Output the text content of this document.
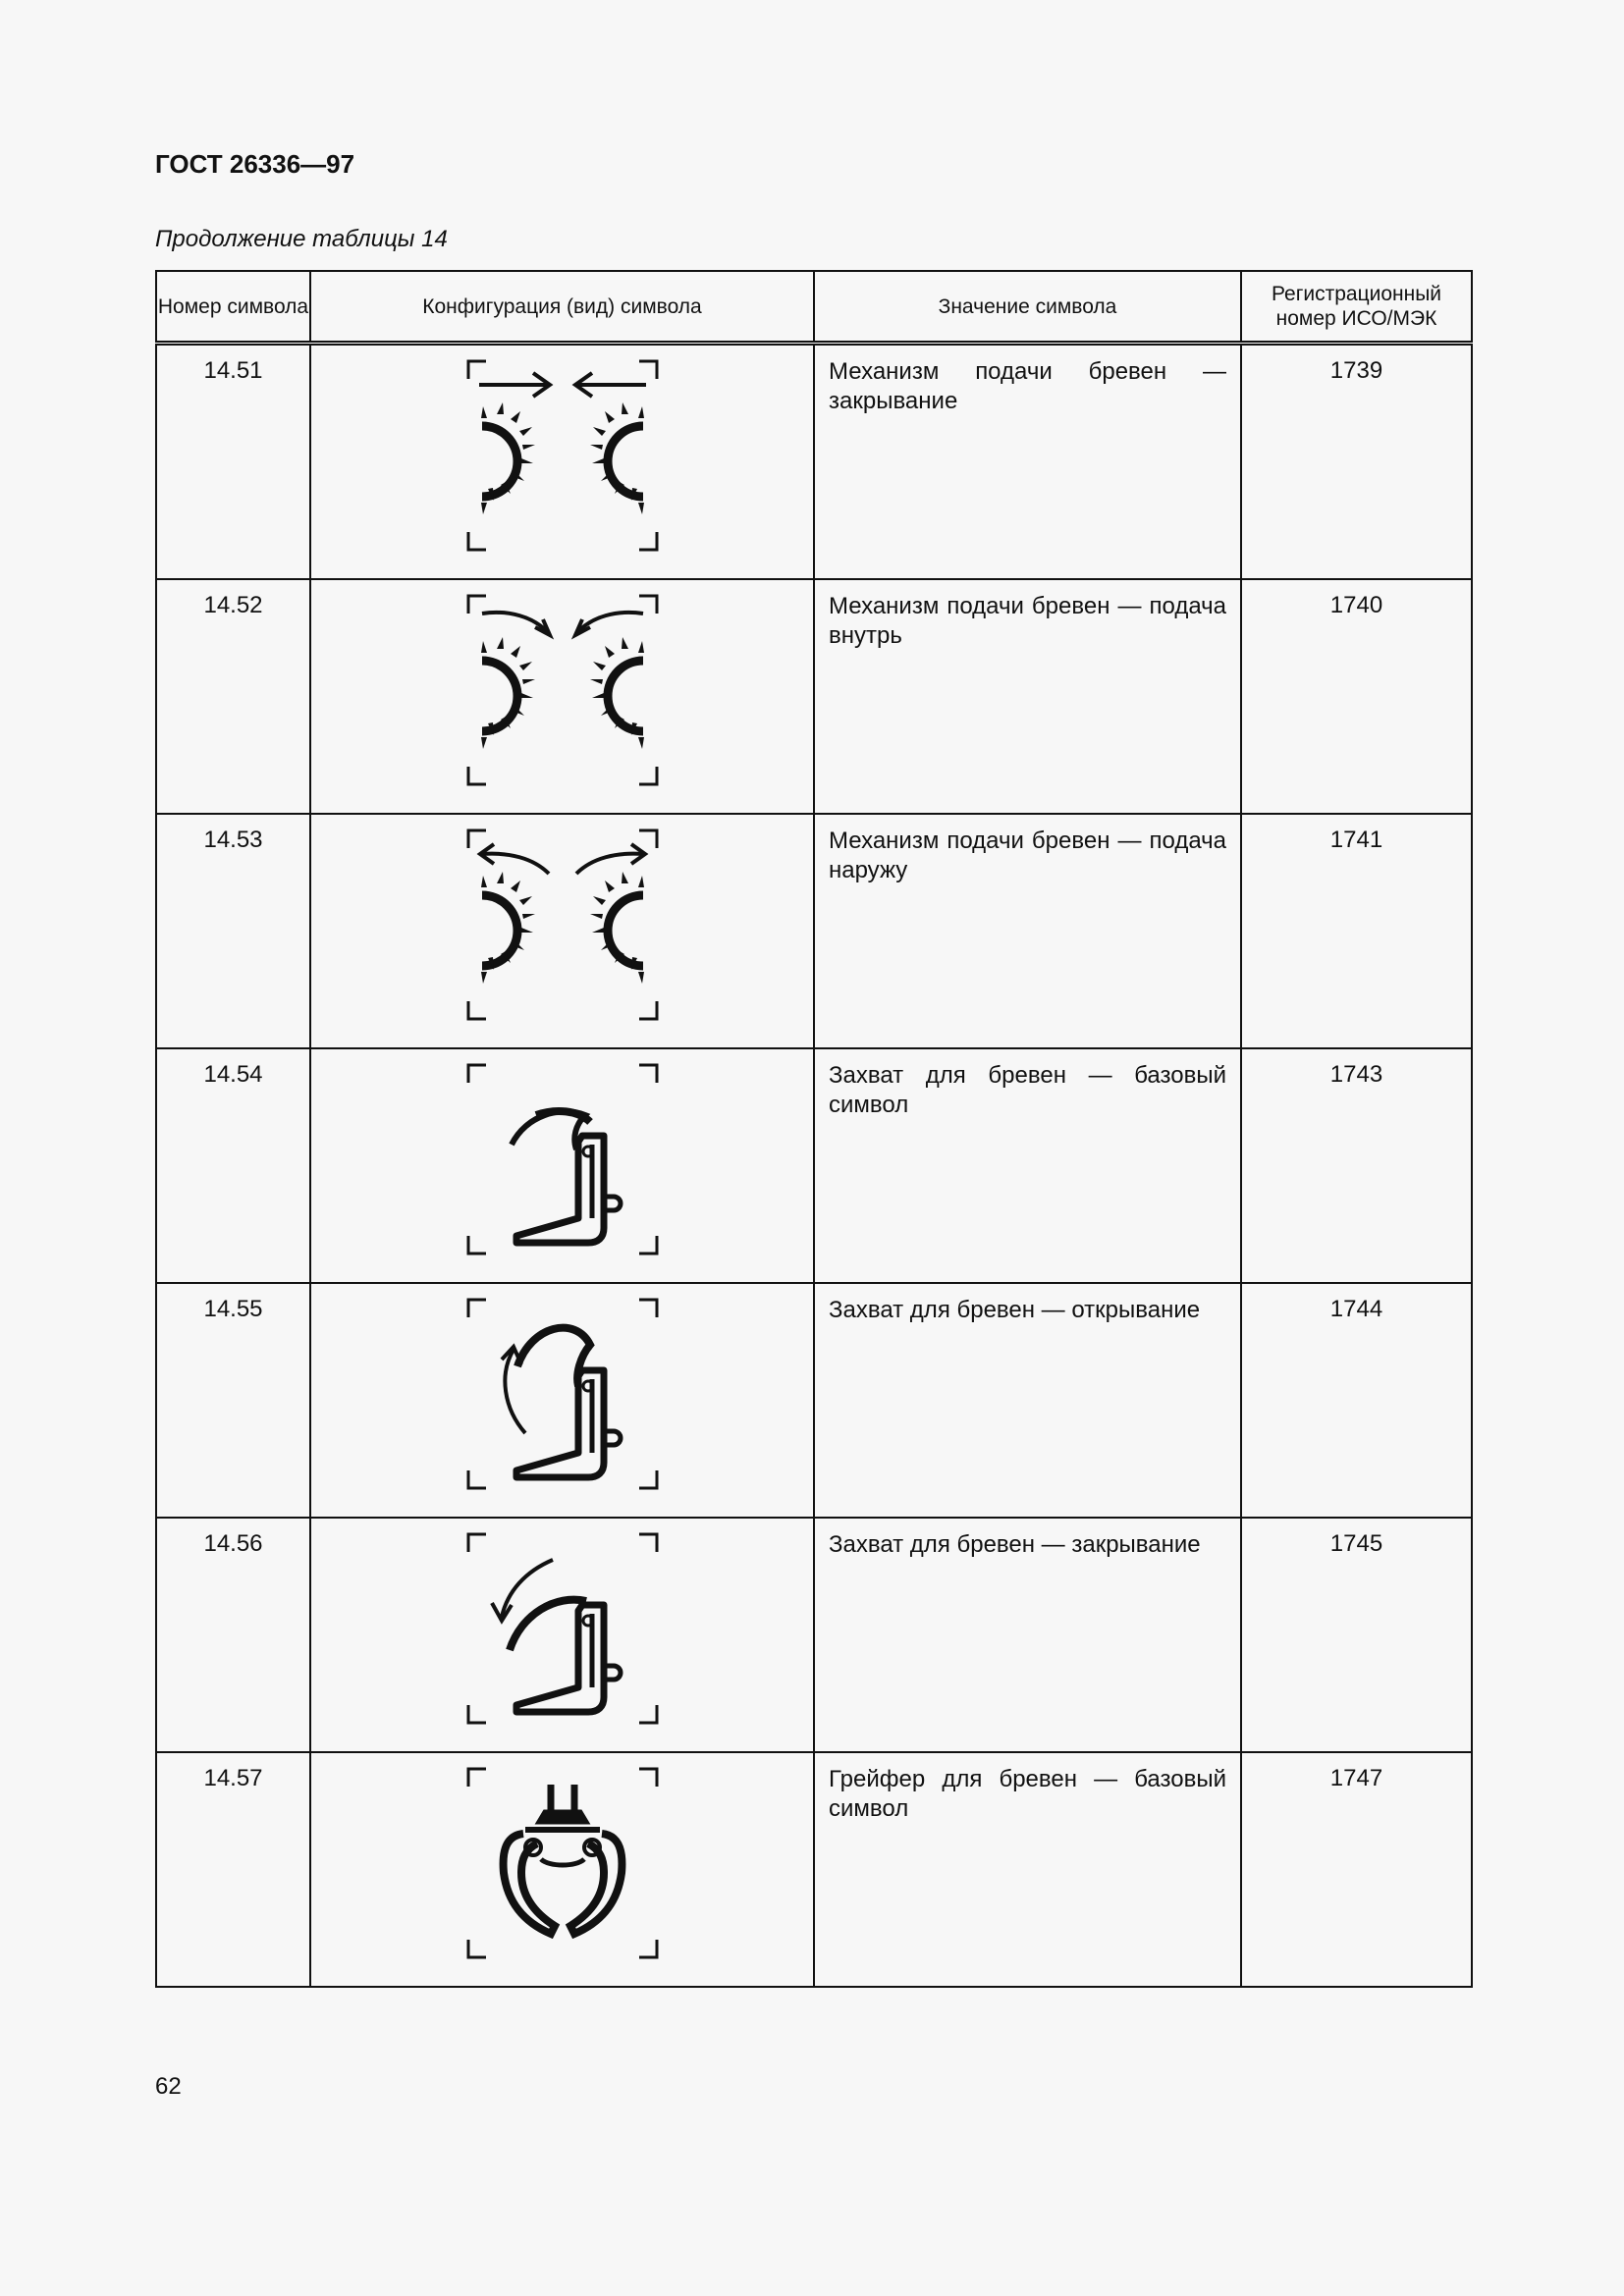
ГОСТ 26336—97
Продолжение таблицы 14
Номер символа	Конфигурация (вид) символа	Значение символа	Регистрационный номер ИСО/МЭК
14.51		Механизм подачи бревен — закрывание	1739
14.52		Механизм подачи бревен — подача внутрь	1740
14.53		Механизм подачи бревен — подача наружу	1741
14.54		Захват для бревен — базовый символ	1743
14.55		Захват для бревен — открывание	1744
14.56		Захват для бревен — закрывание	1745
14.57		Грейфер для бревен — базовый символ	1747
62
